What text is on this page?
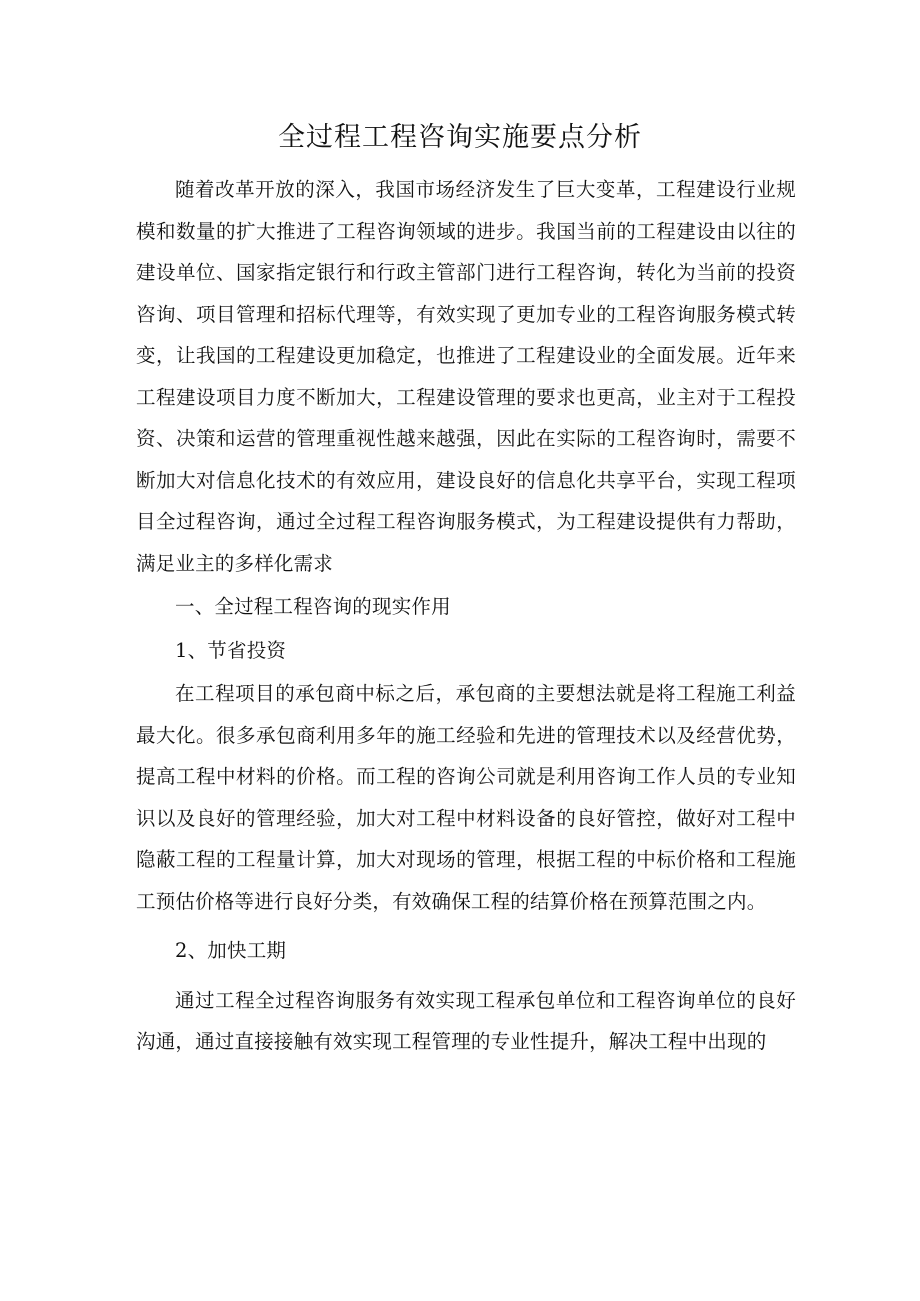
全过程工程咨询实施要点分析

随着改革开放的深入，我国市场经济发生了巨大变革，工程建设行业规模和数量的扩大推进了工程咨询领域的进步。我国当前的工程建设由以往的建设单位、国家指定银行和行政主管部门进行工程咨询，转化为当前的投资咨询、项目管理和招标代理等，有效实现了更加专业的工程咨询服务模式转变，让我国的工程建设更加稳定，也推进了工程建设业的全面发展。近年来工程建设项目力度不断加大，工程建设管理的要求也更高，业主对于工程投资、决策和运营的管理重视性越来越强，因此在实际的工程咨询时，需要不断加大对信息化技术的有效应用，建设良好的信息化共享平台，实现工程项目全过程咨询，通过全过程工程咨询服务模式，为工程建设提供有力帮助，满足业主的多样化需求

一、全过程工程咨询的现实作用

1、节省投资

在工程项目的承包商中标之后，承包商的主要想法就是将工程施工利益最大化。很多承包商利用多年的施工经验和先进的管理技术以及经营优势，提高工程中材料的价格。而工程的咨询公司就是利用咨询工作人员的专业知识以及良好的管理经验，加大对工程中材料设备的良好管控，做好对工程中隐蔽工程的工程量计算，加大对现场的管理，根据工程的中标价格和工程施工预估价格等进行良好分类，有效确保工程的结算价格在预算范围之内。

2、加快工期

通过工程全过程咨询服务有效实现工程承包单位和工程咨询单位的良好沟通，通过直接接触有效实现工程管理的专业性提升，解决工程中出现的
